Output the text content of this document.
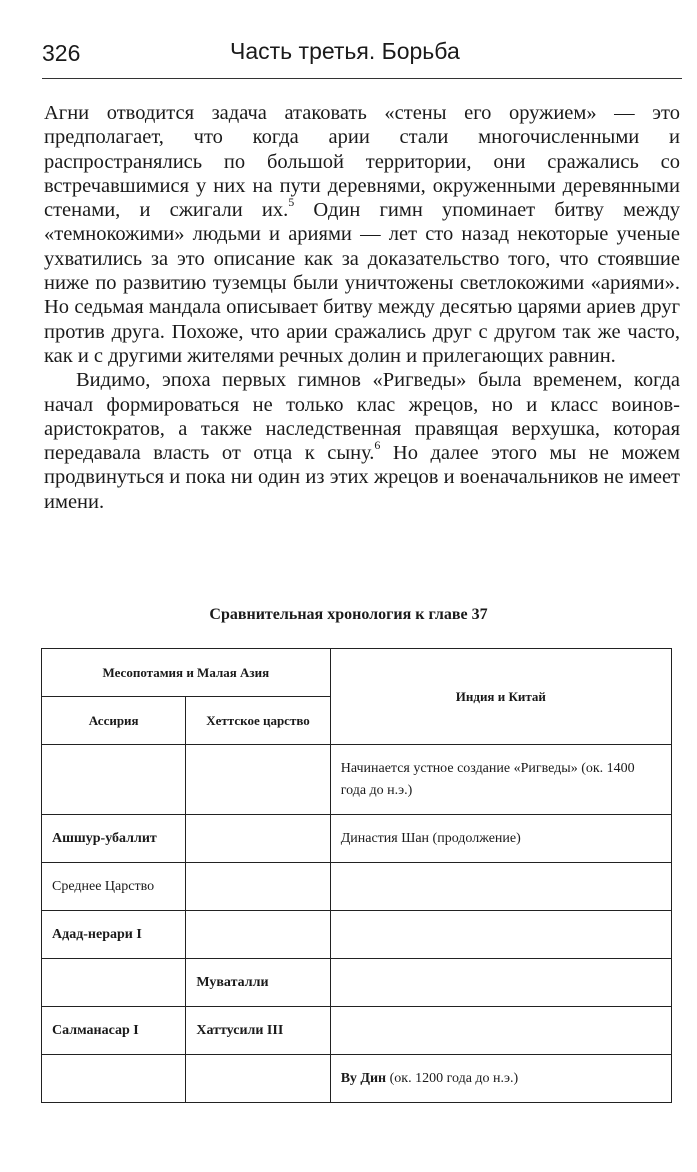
326	Часть третья. Борьба

Агни отводится задача атаковать «стены его оружием» — это предполагает, что когда арии стали многочисленными и распространялись по большой территории, они сражались со встречавшимися у них на пути деревнями, окруженными деревянными стенами, и сжигали их.$^5$ Один гимн упоминает битву между «темнокожими» людьми и ариями — лет сто назад некоторые ученые ухватились за это описание как за доказательство того, что стоявшие ниже по развитию туземцы были уничтожены светлокожими «ариями». Но седьмая мандала описывает битву между десятью царями ариев друг против друга. Похоже, что арии сражались друг с другом так же часто, как и с другими жителями речных долин и прилегающих равнин.

Видимо, эпоха первых гимнов «Ригведы» была временем, когда начал формироваться не только клас жрецов, но и класс воинов-аристократов, а также наследственная правящая верхушка, которая передавала власть от отца к сыну.$^6$ Но далее этого мы не можем продвинуться и пока ни один из этих жрецов и военачальников не имеет имени.

Сравнительная хронология к главе 37
Месопотамия и Малая Азия		Индия и Китай
Ассирия	Хеттское царство	
		Начинается устное создание «Ригведы» (ок. 1400 года до н.э.)
Ашшур-убаллит		Династия Шан (продолжение)
Среднее Царство		
Адад-нерари I		
	Муваталли	
Салманасар I	Хаттусили III	
		Ву Дин (ок. 1200 года до н.э.)
